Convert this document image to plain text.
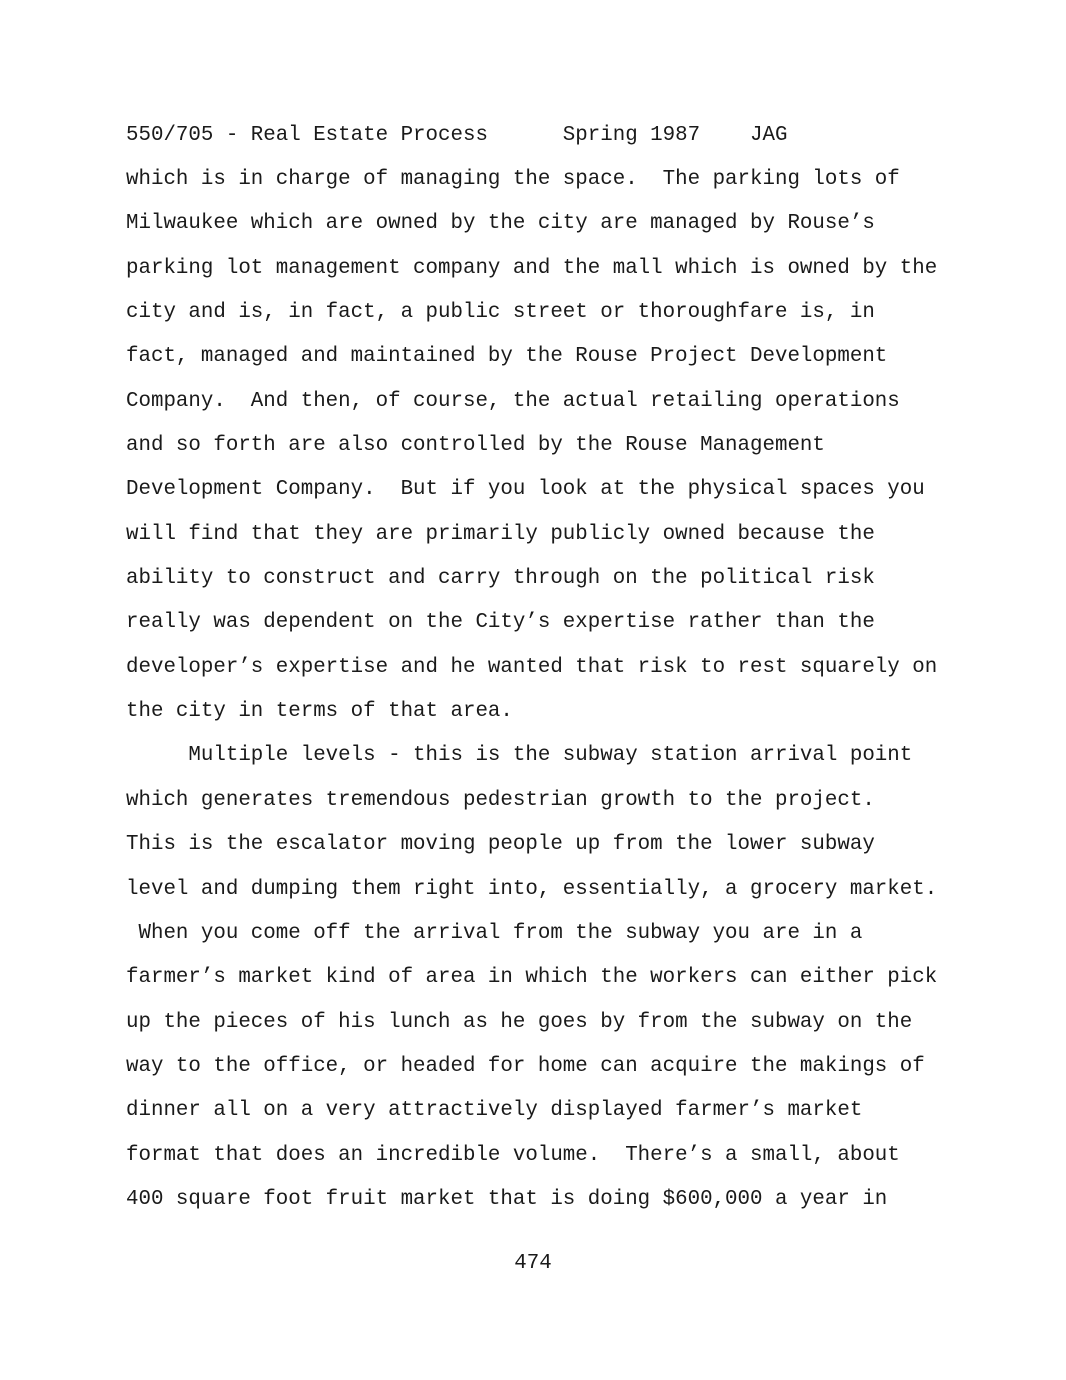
550/705 - Real Estate Process      Spring 1987    JAG
which is in charge of managing the space.  The parking lots of
Milwaukee which are owned by the city are managed by Rouse’s
parking lot management company and the mall which is owned by the
city and is, in fact, a public street or thoroughfare is, in
fact, managed and maintained by the Rouse Project Development
Company.  And then, of course, the actual retailing operations
and so forth are also controlled by the Rouse Management
Development Company.  But if you look at the physical spaces you
will find that they are primarily publicly owned because the
ability to construct and carry through on the political risk
really was dependent on the City’s expertise rather than the
developer’s expertise and he wanted that risk to rest squarely on
the city in terms of that area.
Multiple levels - this is the subway station arrival point
which generates tremendous pedestrian growth to the project.
This is the escalator moving people up from the lower subway
level and dumping them right into, essentially, a grocery market.
When you come off the arrival from the subway you are in a
farmer’s market kind of area in which the workers can either pick
up the pieces of his lunch as he goes by from the subway on the
way to the office, or headed for home can acquire the makings of
dinner all on a very attractively displayed farmer’s market
format that does an incredible volume.  There’s a small, about
400 square foot fruit market that is doing $600,000 a year in
474
